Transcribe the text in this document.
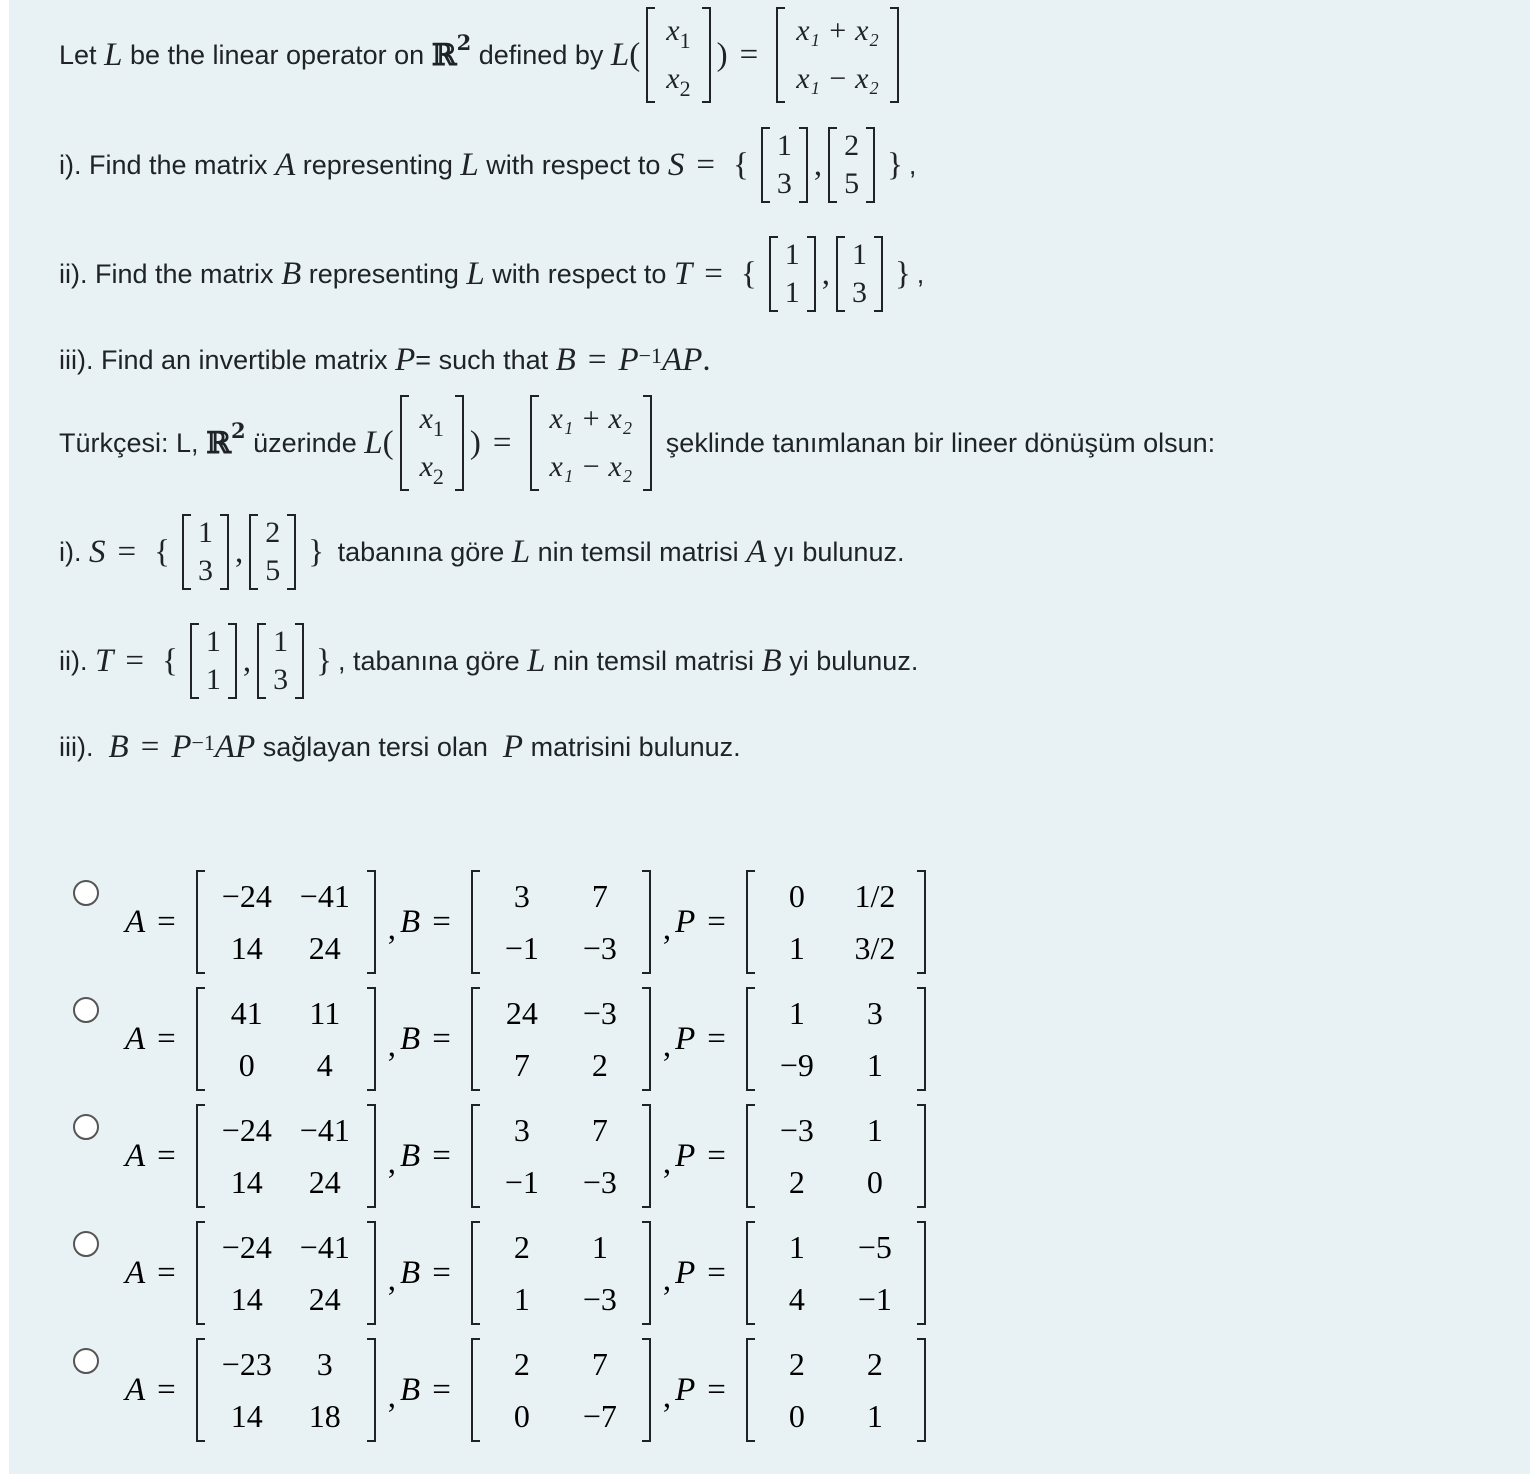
Let
L
be the linear operator on
ℝ$^2$
defined by
L (
$x_1$
$x_2$
) =
x₁ + x₂
x₁ − x₂
i). Find the matrix
A
representing
L
with respect to
S = {
1
3
,
2
5
} ,
ii). Find the matrix
B
representing
L
with respect to
T = {
1
1
,
1
3
} ,
iii). Find an invertible matrix
P = such that
$B = P^{-1}$ AP .
Türkçesi: L,
ℝ$^2$
üzerinde
L (
$x_1$
$x_2$
) =
x₁ + x₂
x₁ − x₂

şeklinde tanımlanan bir lineer dönüşüm olsun:
i).
S = {
1
3
,
2
5
}
tabanına göre
L
nin temsil matrisi
A
yı bulunuz.
ii).
T = {
1
1
,
1
3
} , tabanına göre
L
nin temsil matrisi
B
yi bulunuz.
iii).
$B = P^{-1}$ AP
sağlayan tersi olan
P
matrisini bulunuz.
A =
−24
14
−41
24
, B =
3
−1
7
−3
, P =
0
1
1/2
3/2
A =
41
0
11
4
, B =
24
7
−3
2
, P =
1
−9
3
1
A =
−24
14
−41
24
, B =
3
−1
7
−3
, P =
−3
2
1
0
A =
−24
14
−41
24
, B =
2
1
1
−3
, P =
1
4
−5
−1
A =
−23
14
3
18
, B =
2
0
7
−7
, P =
2
0
2
1
